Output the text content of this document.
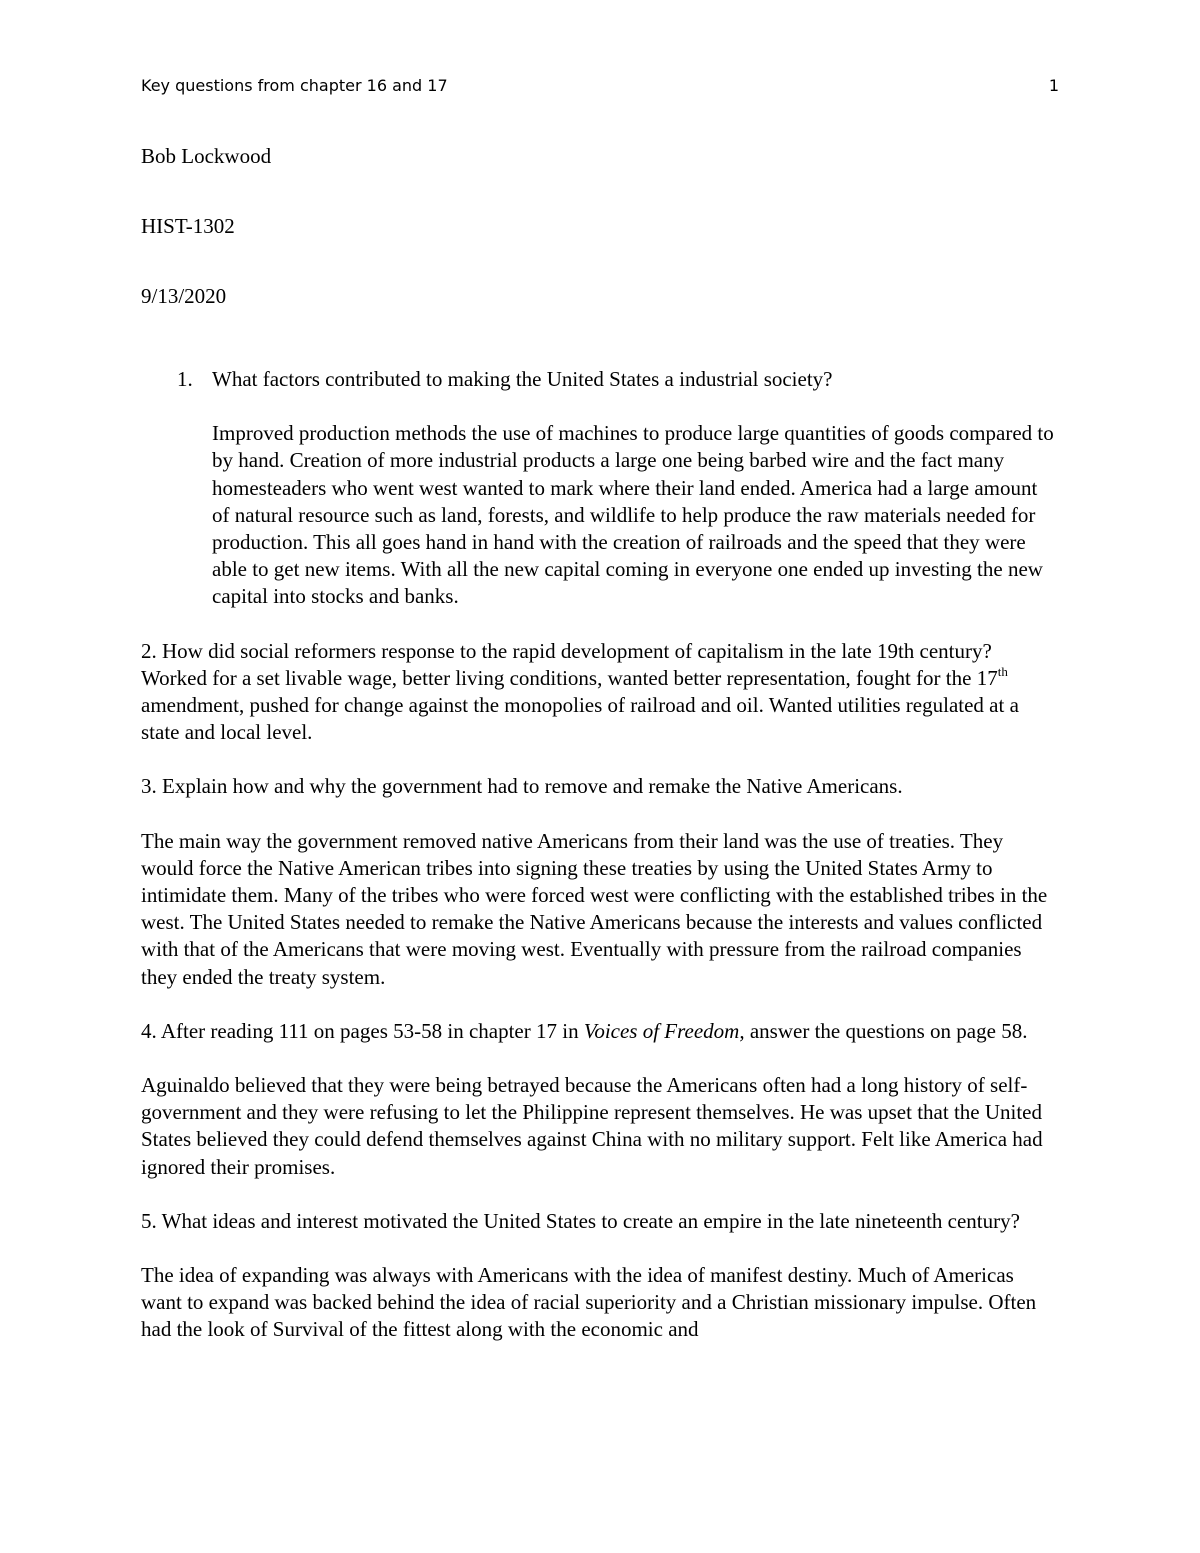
Key questions from chapter 16 and 17	1
Bob Lockwood
HIST-1302
9/13/2020

1. What factors contributed to making the United States a industrial society?

Improved production methods the use of machines to produce large quantities of goods compared to by hand. Creation of more industrial products a large one being barbed wire and the fact many homesteaders who went west wanted to mark where their land ended. America had a large amount of natural resource such as land, forests, and wildlife to help produce the raw materials needed for production. This all goes hand in hand with the creation of railroads and the speed that they were able to get new items. With all the new capital coming in everyone one ended up investing the new capital into stocks and banks.

2. How did social reformers response to the rapid development of capitalism in the late 19th century? Worked for a set livable wage, better living conditions, wanted better representation, fought for the 17th amendment, pushed for change against the monopolies of railroad and oil. Wanted utilities regulated at a state and local level.

3. Explain how and why the government had to remove and remake the Native Americans.

The main way the government removed native Americans from their land was the use of treaties. They would force the Native American tribes into signing these treaties by using the United States Army to intimidate them. Many of the tribes who were forced west were conflicting with the established tribes in the west. The United States needed to remake the Native Americans because the interests and values conflicted with that of the Americans that were moving west. Eventually with pressure from the railroad companies they ended the treaty system.

4. After reading 111 on pages 53-58 in chapter 17 in Voices of Freedom, answer the questions on page 58.

Aguinaldo believed that they were being betrayed because the Americans often had a long history of self-government and they were refusing to let the Philippine represent themselves. He was upset that the United States believed they could defend themselves against China with no military support. Felt like America had ignored their promises.

5. What ideas and interest motivated the United States to create an empire in the late nineteenth century?

The idea of expanding was always with Americans with the idea of manifest destiny. Much of Americas want to expand was backed behind the idea of racial superiority and a Christian missionary impulse. Often had the look of Survival of the fittest along with the economic and
